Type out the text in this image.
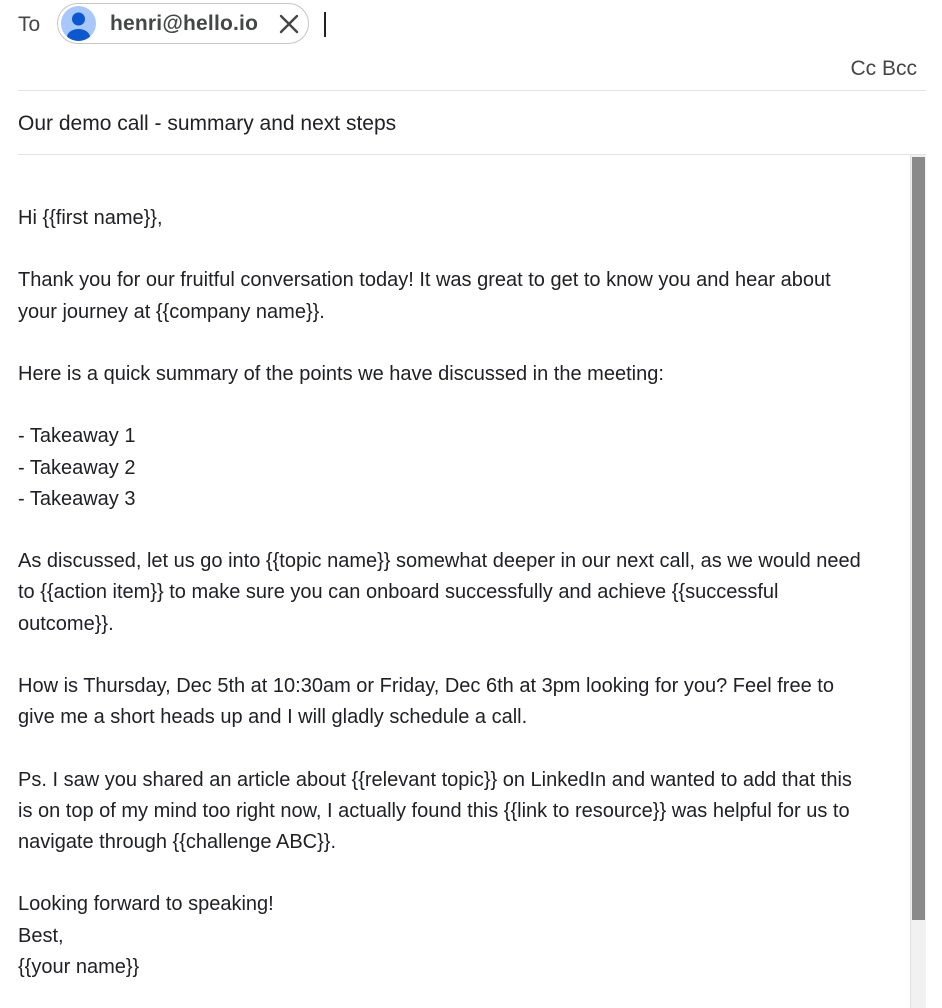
To	henri@hello.io
Cc Bcc
Our demo call - summary and next steps

Hi {{first name}},

Thank you for our fruitful conversation today! It was great to get to know you and hear about
your journey at {{company name}}.

Here is a quick summary of the points we have discussed in the meeting:

- Takeaway 1
- Takeaway 2
- Takeaway 3

As discussed, let us go into {{topic name}} somewhat deeper in our next call, as we would need
to {{action item}} to make sure you can onboard successfully and achieve {{successful
outcome}}.

How is Thursday, Dec 5th at 10:30am or Friday, Dec 6th at 3pm looking for you? Feel free to
give me a short heads up and I will gladly schedule a call.

Ps. I saw you shared an article about {{relevant topic}} on LinkedIn and wanted to add that this
is on top of my mind too right now, I actually found this {{link to resource}} was helpful for us to
navigate through {{challenge ABC}}.

Looking forward to speaking!
Best,
{{your name}}
